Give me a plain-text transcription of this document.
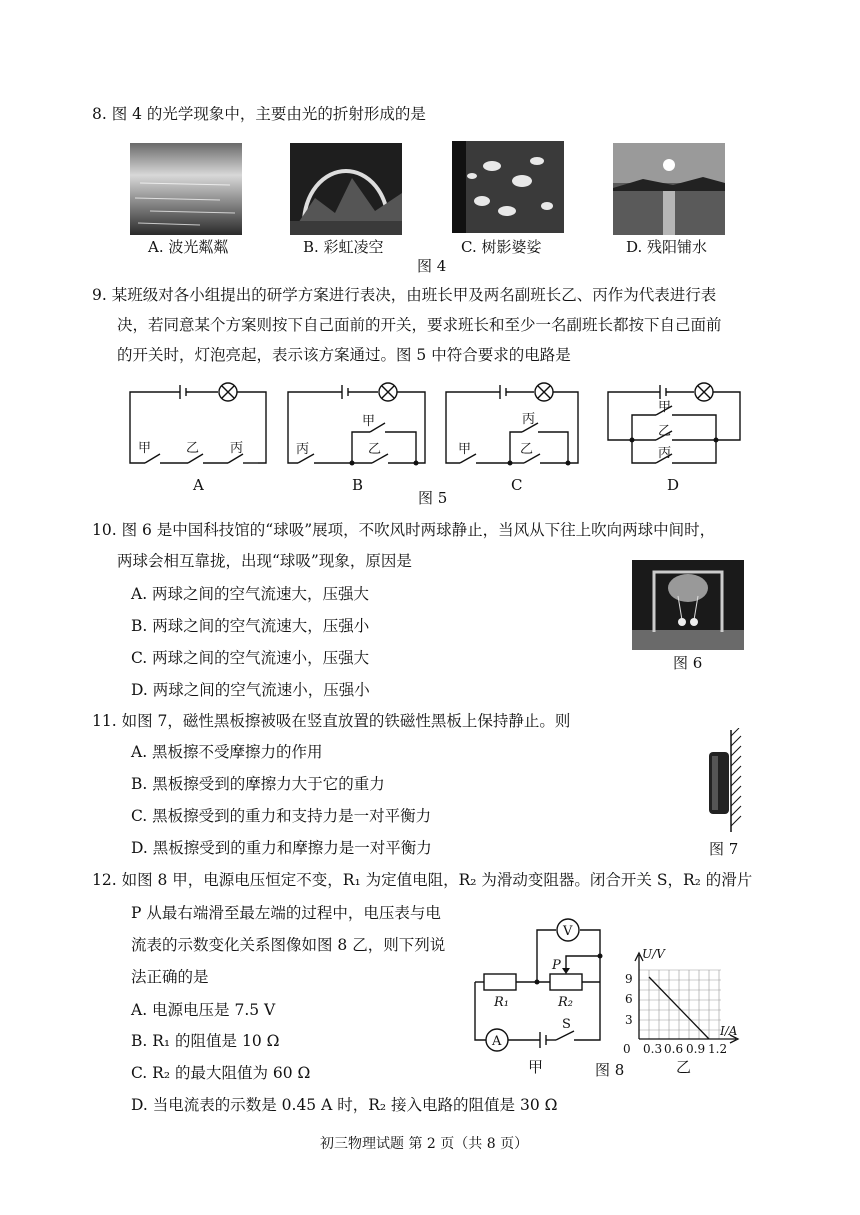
8. 图 4 的光学现象中，主要由光的折射形成的是
A. 波光粼粼	B. 彩虹凌空	C. 树影婆娑	D. 残阳铺水
图 4
9. 某班级对各小组提出的研学方案进行表决，由班长甲及两名副班长乙、丙作为代表进行表
决，若同意某个方案则按下自己面前的开关，要求班长和至少一名副班长都按下自己面前
的开关时，灯泡亮起，表示该方案通过。图 5 中符合要求的电路是
甲	乙 丙
甲
丙	乙
丙
甲	乙
甲
乙
丙
A	B	C	D
图 5
10. 图 6 是中国科技馆的“球吸”展项，不吹风时两球静止，当风从下往上吹向两球中间时，
两球会相互靠拢，出现“球吸”现象，原因是
A. 两球之间的空气流速大，压强大
B. 两球之间的空气流速大，压强小
C. 两球之间的空气流速小，压强大
D. 两球之间的空气流速小，压强小
图 6
11. 如图 7，磁性黑板擦被吸在竖直放置的铁磁性黑板上保持静止。则
A. 黑板擦不受摩擦力的作用
B. 黑板擦受到的摩擦力大于它的重力
C. 黑板擦受到的重力和支持力是一对平衡力
D. 黑板擦受到的重力和摩擦力是一对平衡力	图 7
12. 如图 8 甲，电源电压恒定不变，R₁ 为定值电阻，R₂ 为滑动变阻器。闭合开关 S，R₂ 的滑片
P 从最右端滑至最左端的过程中，电压表与电
流表的示数变化关系图像如图 8 乙，则下列说
法正确的是
A. 电源电压是 7.5 V
B. R₁ 的阻值是 10 Ω
C. R₂ 的最大阻值为 60 Ω
D. 当电流表的示数是 0.45 A 时，R₂ 接入电路的阻值是 30 Ω
V
A
P
R₁	R₂
S
甲	图 8
U/V
I/A
9
6
3
0 0.3 0.6 0.9 1.2
乙
初三物理试题 第 2 页（共 8 页）
